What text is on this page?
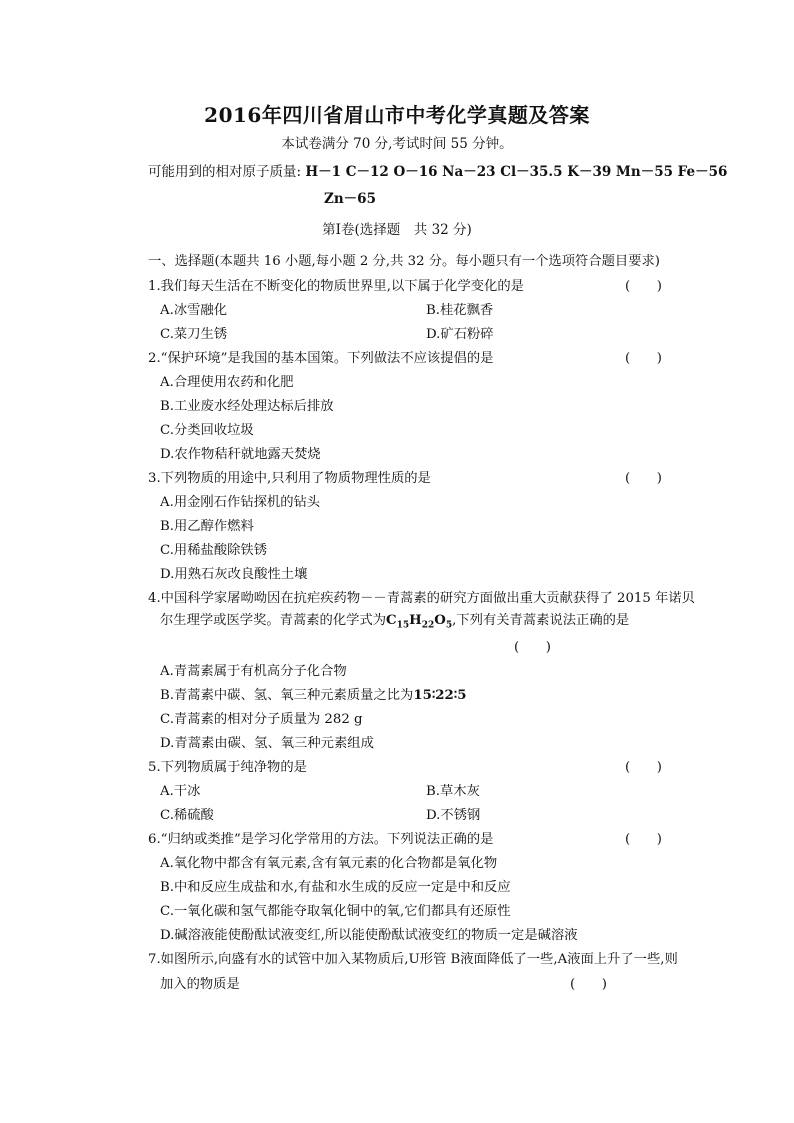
2016年四川省眉山市中考化学真题及答案
本试卷满分 70 分,考试时间 55 分钟。
可能用到的相对原子质量: H－1 C－12 O－16 Na－23 Cl－35.5 K－39 Mn－55 Fe－56
Zn－65
第Ⅰ卷(选择题　共 32 分)
一、选择题(本题共 16 小题,每小题 2 分,共 32 分。每小题只有一个选项符合题目要求)
1.我们每天生活在不断变化的物质世界里,以下属于化学变化的是	(　　)
A.冰雪融化	B.桂花飘香
C.菜刀生锈	D.矿石粉碎
2.“保护环境”是我国的基本国策。下列做法不应该提倡的是	(　　)
A.合理使用农药和化肥
B.工业废水经处理达标后排放
C.分类回收垃圾
D.农作物秸秆就地露天焚烧
3.下列物质的用途中,只利用了物质物理性质的是	(　　)
A.用金刚石作钻探机的钻头
B.用乙醇作燃料
C.用稀盐酸除铁锈
D.用熟石灰改良酸性土壤
4.中国科学家屠呦呦因在抗疟疾药物－－青蒿素的研究方面做出重大贡献获得了 2015 年诺贝
尔生理学或医学奖。青蒿素的化学式为$C_{15}H_{22}O_5$,下列有关青蒿素说法正确的是
(　　)
A.青蒿素属于有机高分子化合物
B.青蒿素中碳、氢、氧三种元素质量之比为15∶22∶5
C.青蒿素的相对分子质量为 282 g
D.青蒿素由碳、氢、氧三种元素组成
5.下列物质属于纯净物的是	(　　)
A.干冰	B.草木灰
C.稀硫酸	D.不锈钢
6.“归纳或类推”是学习化学常用的方法。下列说法正确的是	(　　)
A.氧化物中都含有氧元素,含有氧元素的化合物都是氧化物
B.中和反应生成盐和水,有盐和水生成的反应一定是中和反应
C.一氧化碳和氢气都能夺取氧化铜中的氧,它们都具有还原性
D.碱溶液能使酚酞试液变红,所以能使酚酞试液变红的物质一定是碱溶液
7.如图所示,向盛有水的试管中加入某物质后,U形管 B液面降低了一些,A液面上升了一些,则
加入的物质是	(　　)
